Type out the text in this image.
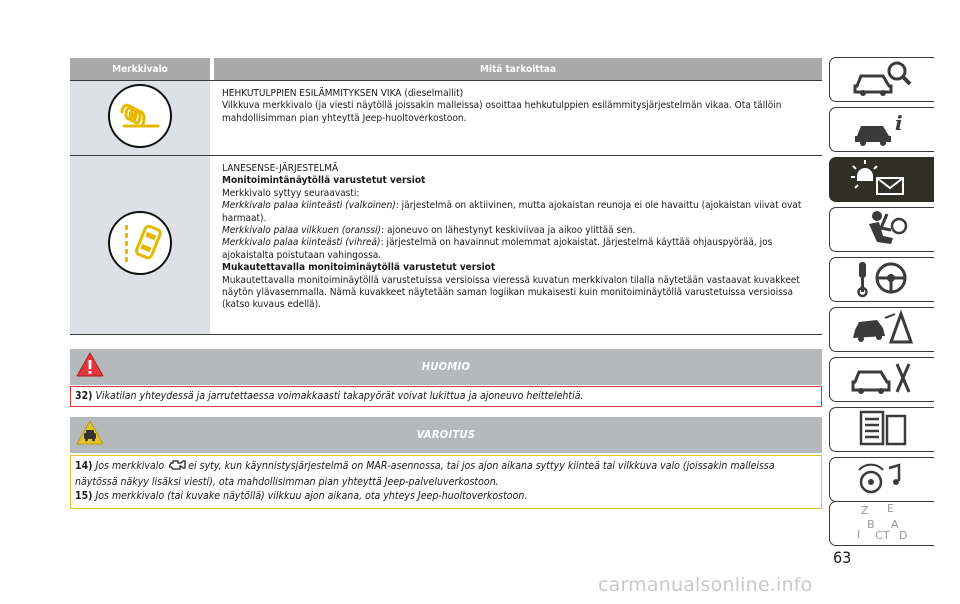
Merkkivalo	Mitä tarkoittaa
HEHKUTULPPIEN ESILÄMMITYKSEN VIKA (dieselmallit)
Vilkkuva merkkivalo (ja viesti näytöllä joissakin malleissa) osoittaa hehkutulppien esilämmitysjärjestelmän vikaa. Ota tällöin mahdollisimman pian yhteyttä Jeep-huoltoverkostoon.
LANESENSE-JÄRJESTELMÄ
Monitoimintänäytöllä varustetut versiot
Merkkivalo syttyy seuraavasti:
Merkkivalo palaa kiinteästi (valkoinen): järjestelmä on aktiivinen, mutta ajokaistan reunoja ei ole havaittu (ajokaistan viivat ovat harmaat).
Merkkivalo palaa vilkkuen (oranssi): ajoneuvo on lähestynyt keskiviivaa ja aikoo ylittää sen.
Merkkivalo palaa kiinteästi (vihreä): järjestelmä on havainnut molemmat ajokaistat. Järjestelmä käyttää ohjauspyörää, jos ajokaistalta poistutaan vahingossa.
Mukautettavalla monitoiminäytöllä varustetut versiot
Mukautettavalla monitoiminäytöllä varustetuissa versioissa vieressä kuvatun merkkivalon tilalla näytetään vastaavat kuvakkeet näytön ylävasemmalla. Nämä kuvakkeet näytetään saman logiikan mukaisesti kuin monitoiminäytöllä varustetuissa versioissa (katso kuvaus edellä).
HUOMIO
32) Vikatilan yhteydessä ja jarrutettaessa voimakkaasti takapyörät voivat lukittua ja ajoneuvo heittelehtiä.
VAROITUS
14) Jos merkkivalo ei syty, kun käynnistysjärjestelmä on MAR-asennossa, tai jos ajon aikana syttyy kiinteä tai vilkkuva valo (joissakin malleissa näytössä näkyy lisäksi viesti), ota mahdollisimman pian yhteyttä Jeep-palveluverkostoon.
15) Jos merkkivalo (tai kuvake näytöllä) vilkkuu ajon aikana, ota yhteys Jeep-huoltoverkostoon.
i
Z E
B A
C T
I	D
63
carmanualsonline.info
